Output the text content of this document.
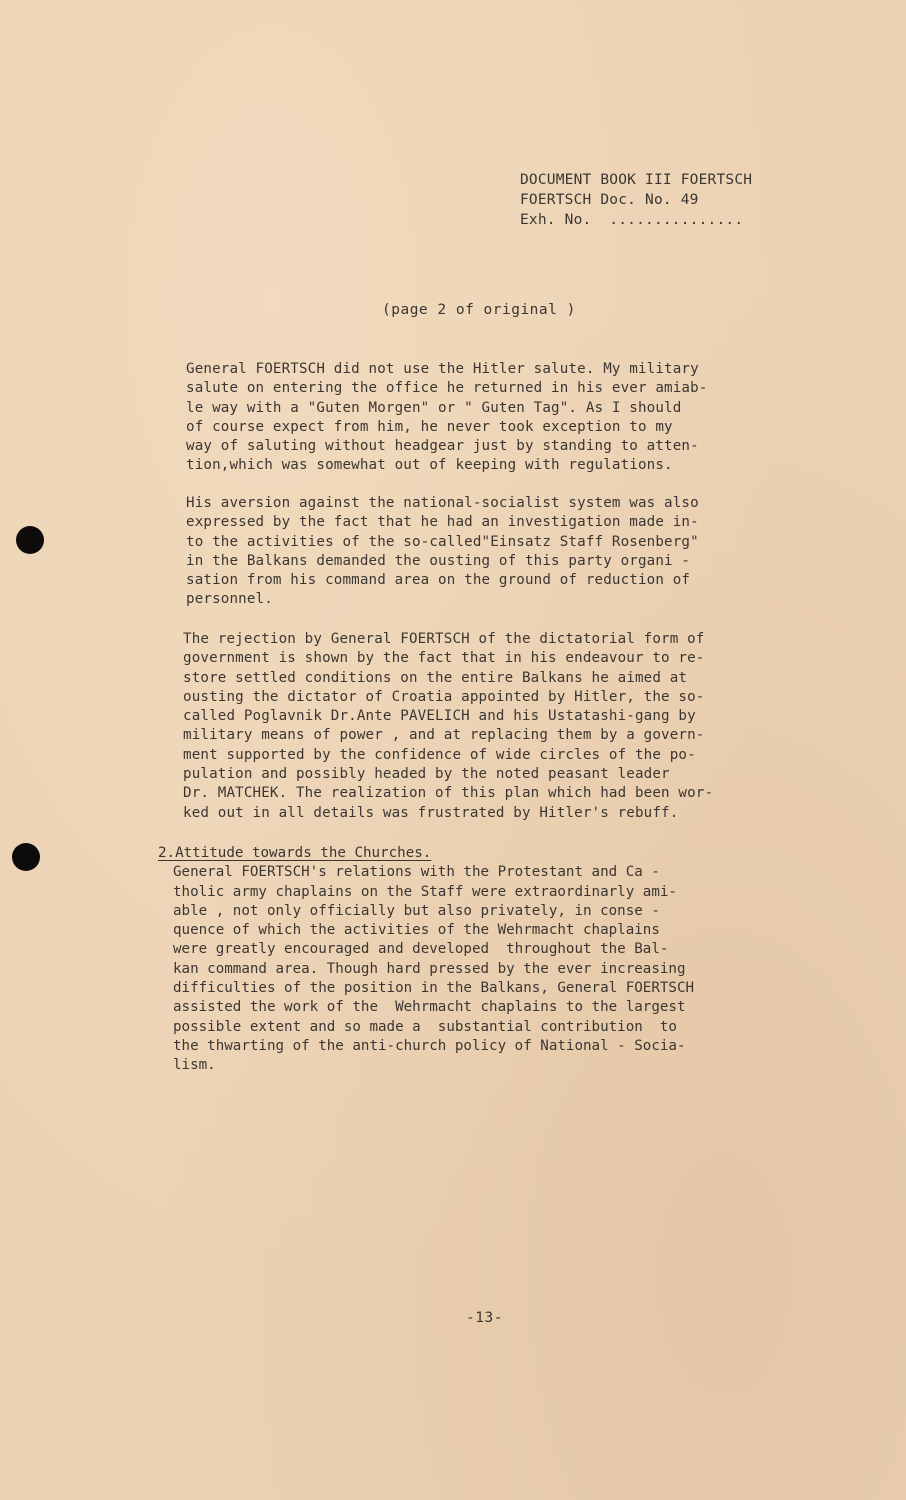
DOCUMENT BOOK III FOERTSCH
FOERTSCH Doc. No. 49
Exh. No.  ...............
(page 2 of original )
General FOERTSCH did not use the Hitler salute. My military
salute on entering the office he returned in his ever amiab-
le way with a "Guten Morgen" or " Guten Tag". As I should
of course expect from him, he never took exception to my
way of saluting without headgear just by standing to atten-
tion,which was somewhat out of keeping with regulations.
His aversion against the national-socialist system was also
expressed by the fact that he had an investigation made in-
to the activities of the so-called"Einsatz Staff Rosenberg"
in the Balkans demanded the ousting of this party organi -
sation from his command area on the ground of reduction of
personnel.
The rejection by General FOERTSCH of the dictatorial form of
government is shown by the fact that in his endeavour to re-
store settled conditions on the entire Balkans he aimed at
ousting the dictator of Croatia appointed by Hitler, the so-
called Poglavnik Dr.Ante PAVELICH and his Ustatashi-gang by
military means of power , and at replacing them by a govern-
ment supported by the confidence of wide circles of the po-
pulation and possibly headed by the noted peasant leader
Dr. MATCHEK. The realization of this plan which had been wor-
ked out in all details was frustrated by Hitler's rebuff.
2.Attitude towards the Churches.
General FOERTSCH's relations with the Protestant and Ca -
tholic army chaplains on the Staff were extraordinarly ami-
able , not only officially but also privately, in conse -
quence of which the activities of the Wehrmacht chaplains
were greatly encouraged and developed  throughout the Bal-
kan command area. Though hard pressed by the ever increasing
difficulties of the position in the Balkans, General FOERTSCH
assisted the work of the  Wehrmacht chaplains to the largest
possible extent and so made a  substantial contribution  to
the thwarting of the anti-church policy of National - Socia-
lism.
-13-
